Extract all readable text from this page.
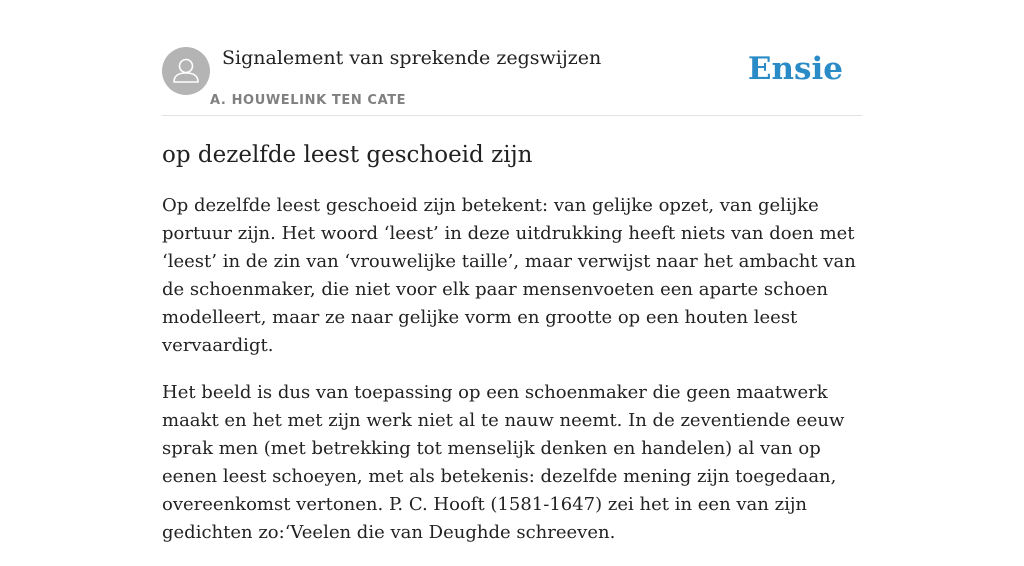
Signalement van sprekende zegswijzen
A. HOUWELINK TEN CATE
Ensie
op dezelfde leest geschoeid zijn

Op dezelfde leest geschoeid zijn betekent: van gelijke opzet, van gelijke portuur zijn. Het woord ‘leest’ in deze uitdrukking heeft niets van doen met ‘leest’ in de zin van ‘vrouwelijke taille’, maar verwijst naar het ambacht van de schoenmaker, die niet voor elk paar mensenvoeten een aparte schoen modelleert, maar ze naar gelijke vorm en grootte op een houten leest vervaardigt.

Het beeld is dus van toepassing op een schoenmaker die geen maatwerk maakt en het met zijn werk niet al te nauw neemt. In de zeventiende eeuw sprak men (met betrekking tot menselijk denken en handelen) al van op eenen leest schoeyen, met als betekenis: dezelfde mening zijn toegedaan, overeenkomst vertonen. P. C. Hooft (1581-1647) zei het in een van zijn gedichten zo:‘Veelen die van Deughde schreeven.
